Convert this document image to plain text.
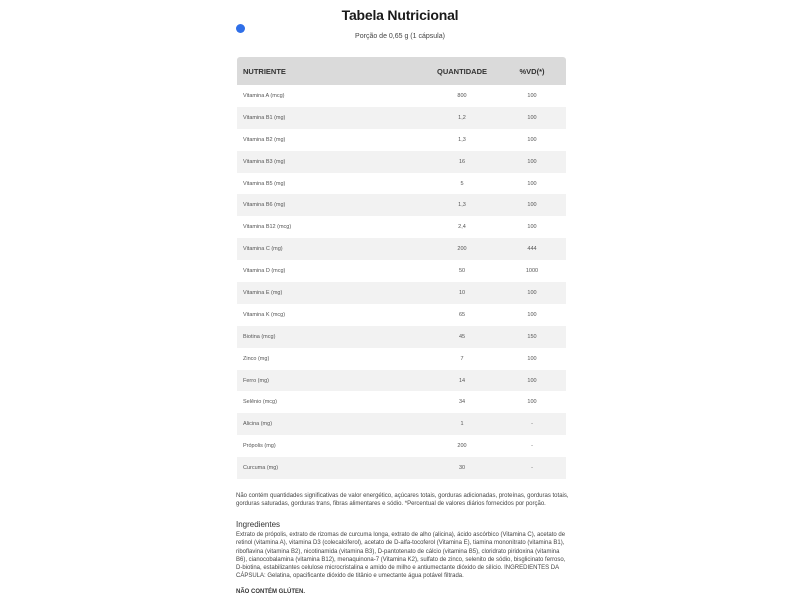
Tabela Nutricional
Porção de 0,65 g (1 cápsula)
NUTRIENTE	QUANTIDADE	%VD(*)
Vitamina A (mcg)	800	100
Vitamina B1 (mg)	1,2	100
Vitamina B2 (mg)	1,3	100
Vitamina B3 (mg)	16	100
Vitamina B5 (mg)	5	100
Vitamina B6 (mg)	1,3	100
Vitamina B12 (mcg)	2,4	100
Vitamina C (mg)	200	444
Vitamina D (mcg)	50	1000
Vitamina E (mg)	10	100
Vitamina K (mcg)	65	100
Biotina (mcg)	45	150
Zinco (mg)	7	100
Ferro (mg)	14	100
Selênio (mcg)	34	100
Alicina (mg)	1	-
Própolis (mg)	200	-
Curcuma (mg)	30	-
Não contém quantidades significativas de valor energético, açúcares totais, gorduras adicionadas, proteínas, gorduras totais, gorduras saturadas, gorduras trans, fibras alimentares e sódio. *Percentual de valores diários fornecidos por porção.
Ingredientes
Extrato de própolis, extrato de rizomas de curcuma longa, extrato de alho (alicina), ácido ascórbico (Vitamina C), acetato de retinol (vitamina A), vitamina D3 (colecalciferol), acetato de D-alfa-tocoferol (Vitamina E), tiamina mononitrato (vitamina B1), riboflavina (vitamina B2), nicotinamida (vitamina B3), D-pantotenato de cálcio (vitamina B5), cloridrato piridoxina (vitamina B6), cianocobalamina (vitamina B12), menaquinona-7 (Vitamina K2), sulfato de zinco, selenito de sódio, bisglicinato ferroso, D-biotina, estabilizantes celulose microcristalina e amido de milho e antiumectante dióxido de silício. INGREDIENTES DA CÁPSULA: Gelatina, opacificante dióxido de titânio e umectante água potável filtrada.
NÃO CONTÉM GLÚTEN.
